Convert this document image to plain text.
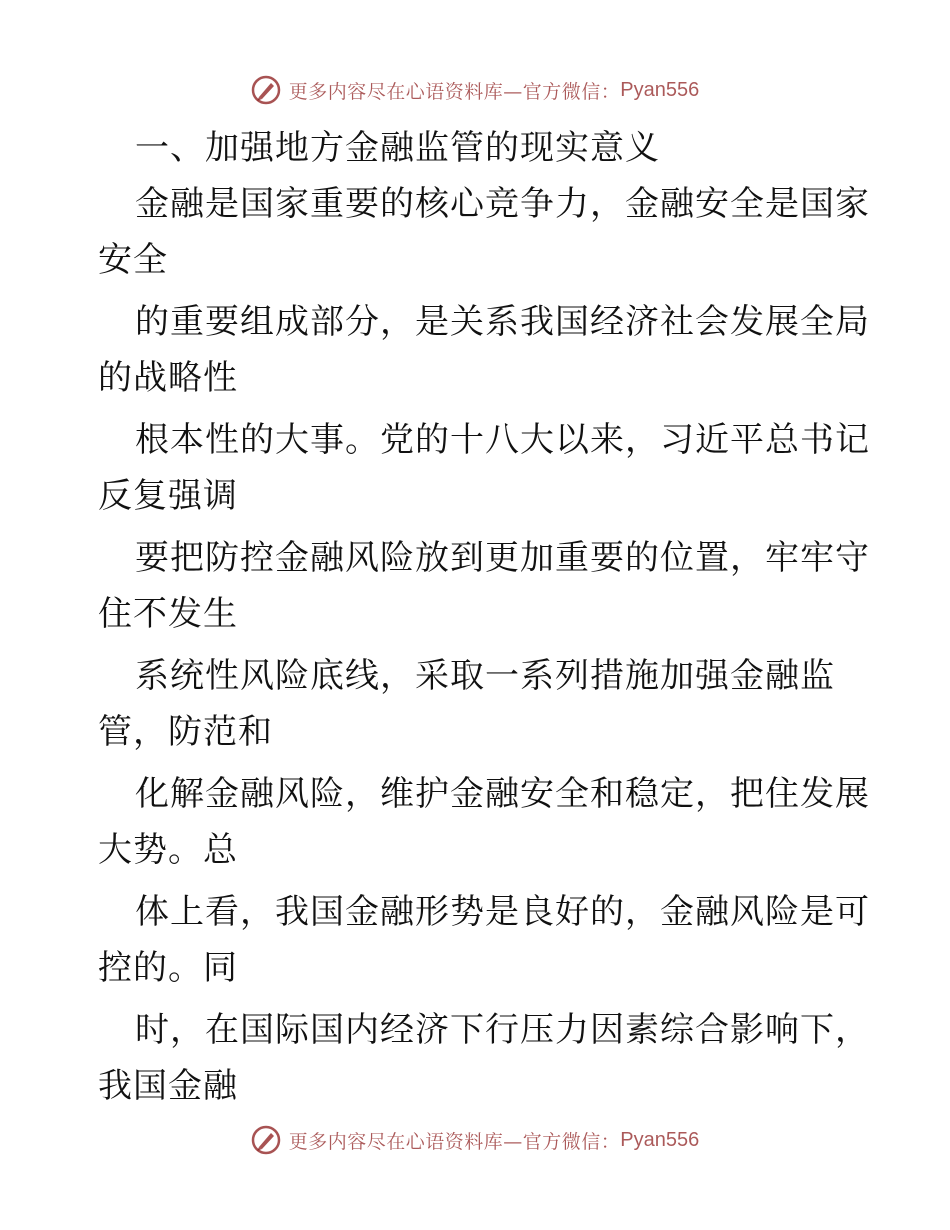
更多内容尽在心语资料库—官方微信： Pyan556
一、加强地方金融监管的现实意义
金融是国家重要的核心竞争力，金融安全是国家
安全
的重要组成部分，是关系我国经济社会发展全局
的战略性
根本性的大事。党的十八大以来，习近平总书记
反复强调
要把防控金融风险放到更加重要的位置，牢牢守
住不发生
系统性风险底线，采取一系列措施加强金融监
管，防范和
化解金融风险，维护金融安全和稳定，把住发展
大势。总
体上看，我国金融形势是良好的，金融风险是可
控的。同
时，在国际国内经济下行压力因素综合影响下，
我国金融
更多内容尽在心语资料库—官方微信： Pyan556
